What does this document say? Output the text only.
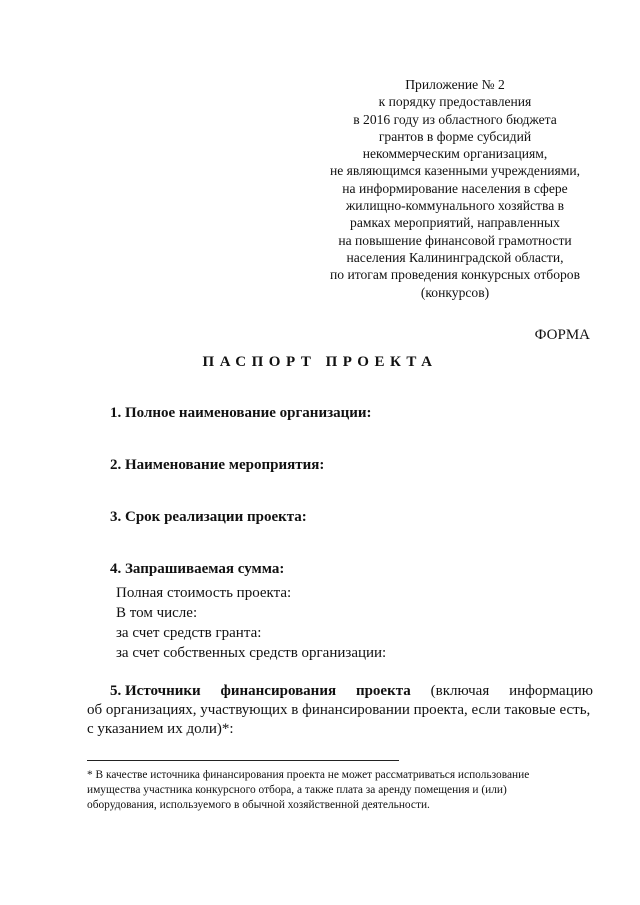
Приложение № 2
к порядку предоставления
в 2016 году из областного бюджета
грантов в форме субсидий
некоммерческим организациям,
не являющимся казенными учреждениями,
на информирование населения в сфере
жилищно-коммунального хозяйства в
рамках мероприятий, направленных
на повышение финансовой грамотности
населения Калининградской области,
по итогам проведения конкурсных отборов
(конкурсов)
ФОРМА
ПАСПОРТ ПРОЕКТА
1. Полное наименование организации:
2. Наименование мероприятия:
3. Срок реализации проекта:
4. Запрашиваемая сумма:
Полная стоимость проекта:
В том числе:
за счет средств гранта:
за счет собственных средств организации:
5. Источники финансирования проекта (включая информацию
об организациях, участвующих в финансировании проекта, если таковые есть,
с указанием их доли)*:
* В качестве источника финансирования проекта не может рассматриваться использование
имущества участника конкурсного отбора, а также плата за аренду помещения и (или)
оборудования, используемого в обычной хозяйственной деятельности.
